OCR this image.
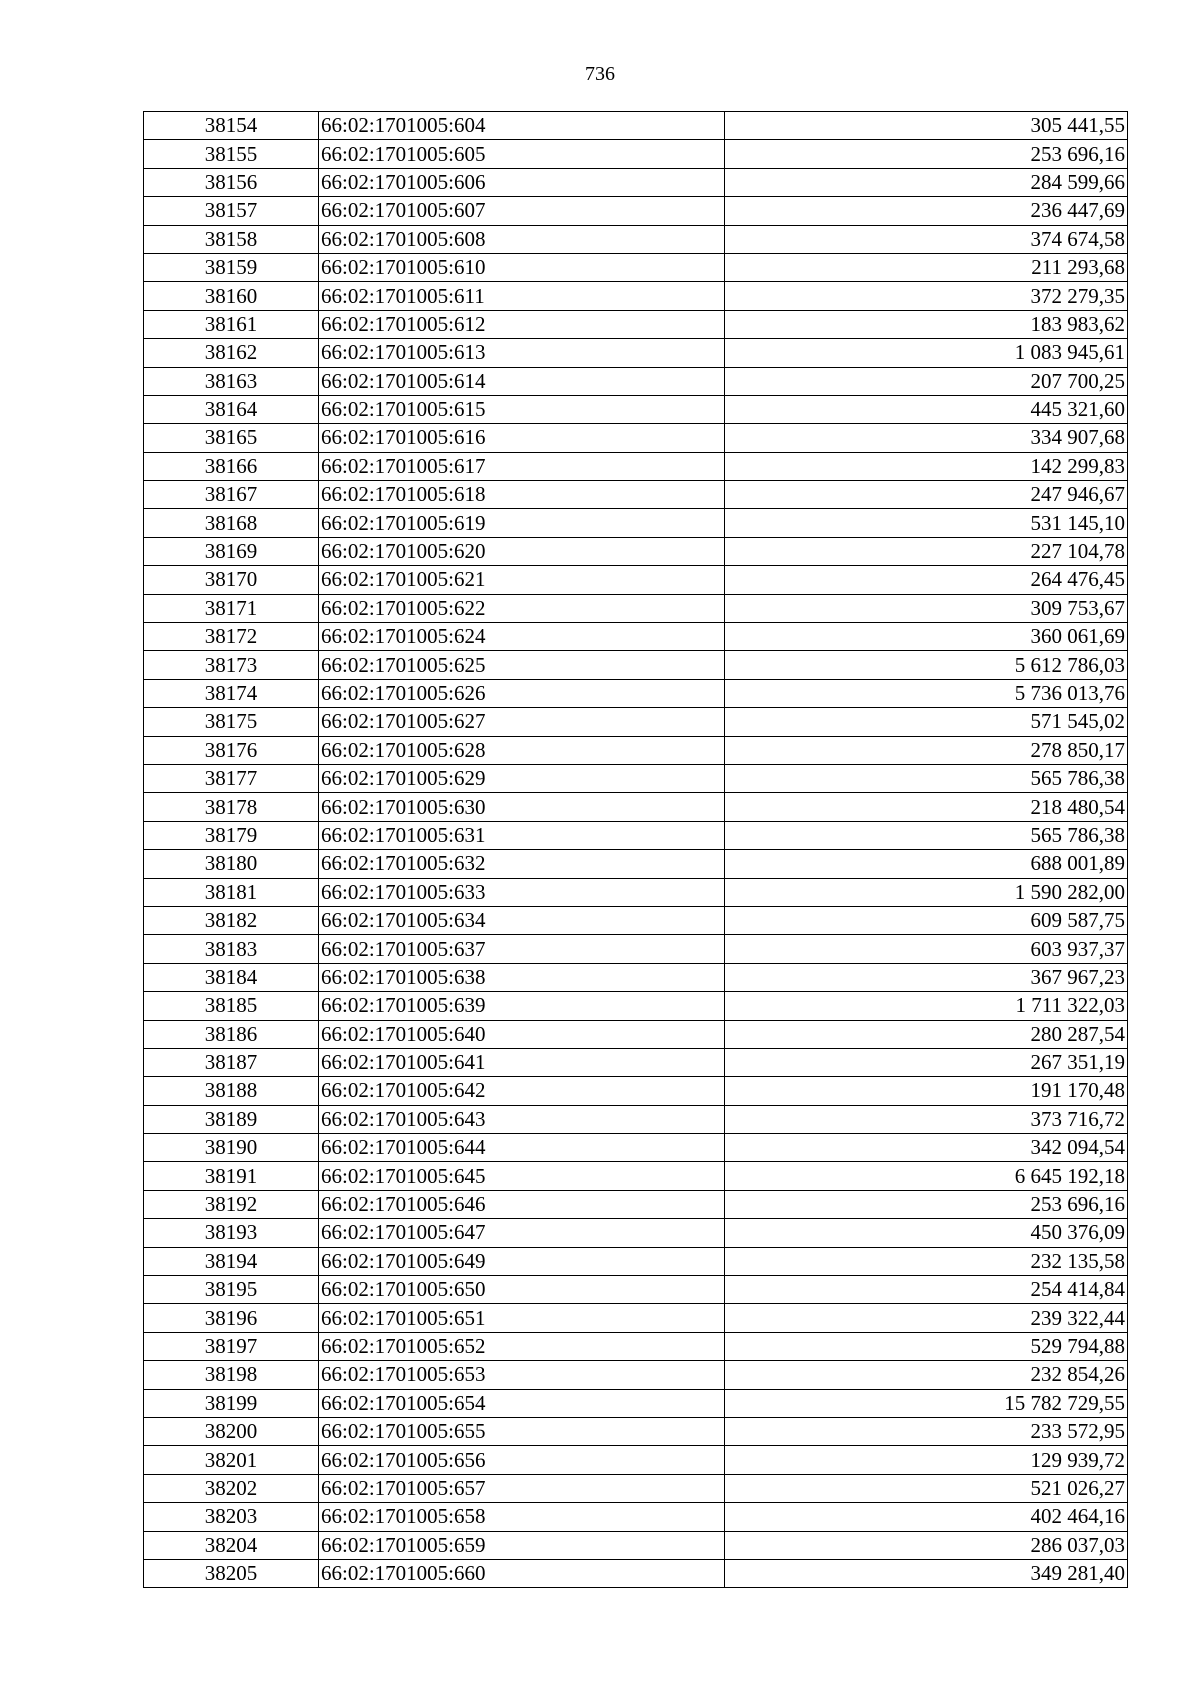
736
38154	66:02:1701005:604	305 441,55
38155	66:02:1701005:605	253 696,16
38156	66:02:1701005:606	284 599,66
38157	66:02:1701005:607	236 447,69
38158	66:02:1701005:608	374 674,58
38159	66:02:1701005:610	211 293,68
38160	66:02:1701005:611	372 279,35
38161	66:02:1701005:612	183 983,62
38162	66:02:1701005:613	1 083 945,61
38163	66:02:1701005:614	207 700,25
38164	66:02:1701005:615	445 321,60
38165	66:02:1701005:616	334 907,68
38166	66:02:1701005:617	142 299,83
38167	66:02:1701005:618	247 946,67
38168	66:02:1701005:619	531 145,10
38169	66:02:1701005:620	227 104,78
38170	66:02:1701005:621	264 476,45
38171	66:02:1701005:622	309 753,67
38172	66:02:1701005:624	360 061,69
38173	66:02:1701005:625	5 612 786,03
38174	66:02:1701005:626	5 736 013,76
38175	66:02:1701005:627	571 545,02
38176	66:02:1701005:628	278 850,17
38177	66:02:1701005:629	565 786,38
38178	66:02:1701005:630	218 480,54
38179	66:02:1701005:631	565 786,38
38180	66:02:1701005:632	688 001,89
38181	66:02:1701005:633	1 590 282,00
38182	66:02:1701005:634	609 587,75
38183	66:02:1701005:637	603 937,37
38184	66:02:1701005:638	367 967,23
38185	66:02:1701005:639	1 711 322,03
38186	66:02:1701005:640	280 287,54
38187	66:02:1701005:641	267 351,19
38188	66:02:1701005:642	191 170,48
38189	66:02:1701005:643	373 716,72
38190	66:02:1701005:644	342 094,54
38191	66:02:1701005:645	6 645 192,18
38192	66:02:1701005:646	253 696,16
38193	66:02:1701005:647	450 376,09
38194	66:02:1701005:649	232 135,58
38195	66:02:1701005:650	254 414,84
38196	66:02:1701005:651	239 322,44
38197	66:02:1701005:652	529 794,88
38198	66:02:1701005:653	232 854,26
38199	66:02:1701005:654	15 782 729,55
38200	66:02:1701005:655	233 572,95
38201	66:02:1701005:656	129 939,72
38202	66:02:1701005:657	521 026,27
38203	66:02:1701005:658	402 464,16
38204	66:02:1701005:659	286 037,03
38205	66:02:1701005:660	349 281,40
